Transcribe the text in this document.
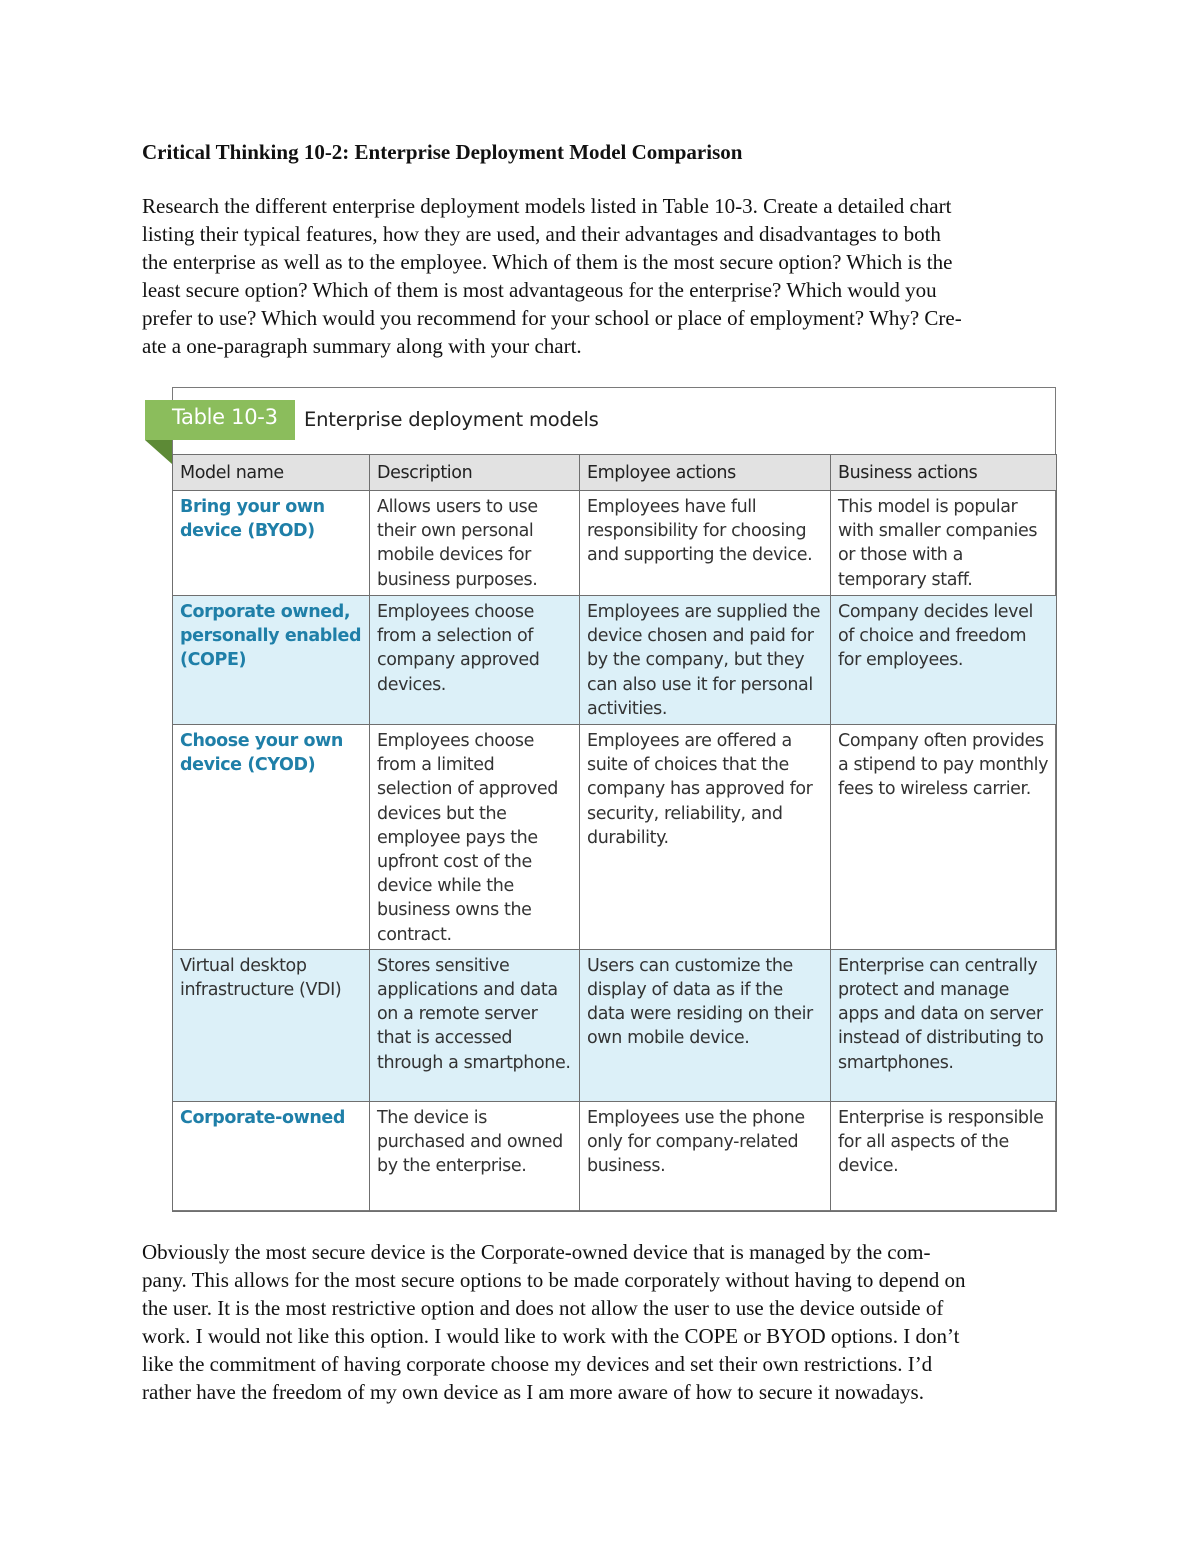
Critical Thinking 10-2: Enterprise Deployment Model Comparison
Research the different enterprise deployment models listed in Table 10-3. Create a detailed chart
listing their typical features, how they are used, and their advantages and disadvantages to both
the enterprise as well as to the employee. Which of them is the most secure option? Which is the
least secure option? Which of them is most advantageous for the enterprise? Which would you
prefer to use? Which would you recommend for your school or place of employment? Why? Cre-
ate a one-paragraph summary along with your chart.
Table 10-3 Enterprise deployment models
Model name	Description	Employee actions	Business actions
Bring your own device (BYOD)	Allows users to use their own personal mobile devices for business purposes.	Employees have full responsibility for choosing and supporting the device.	This model is popular with smaller companies or those with a temporary staff.
Corporate owned, personally enabled (COPE)	Employees choose from a selection of company approved devices.	Employees are supplied the device chosen and paid for by the company, but they can also use it for personal activities.	Company decides level of choice and freedom for employees.
Choose your own device (CYOD)	Employees choose from a limited selection of approved devices but the employee pays the upfront cost of the device while the business owns the contract.	Employees are offered a suite of choices that the company has approved for security, reliability, and durability.	Company often provides a stipend to pay monthly fees to wireless carrier.
Virtual desktop infrastructure (VDI)	Stores sensitive applications and data on a remote server that is accessed through a smartphone.	Users can customize the display of data as if the data were residing on their own mobile device.	Enterprise can centrally protect and manage apps and data on server instead of distributing to smartphones.
Corporate-owned	The device is purchased and owned by the enterprise.	Employees use the phone only for company-related business.	Enterprise is responsible for all aspects of the device.
Obviously the most secure device is the Corporate-owned device that is managed by the com-
pany. This allows for the most secure options to be made corporately without having to depend on
the user. It is the most restrictive option and does not allow the user to use the device outside of
work. I would not like this option. I would like to work with the COPE or BYOD options. I don’t
like the commitment of having corporate choose my devices and set their own restrictions. I’d
rather have the freedom of my own device as I am more aware of how to secure it nowadays.
